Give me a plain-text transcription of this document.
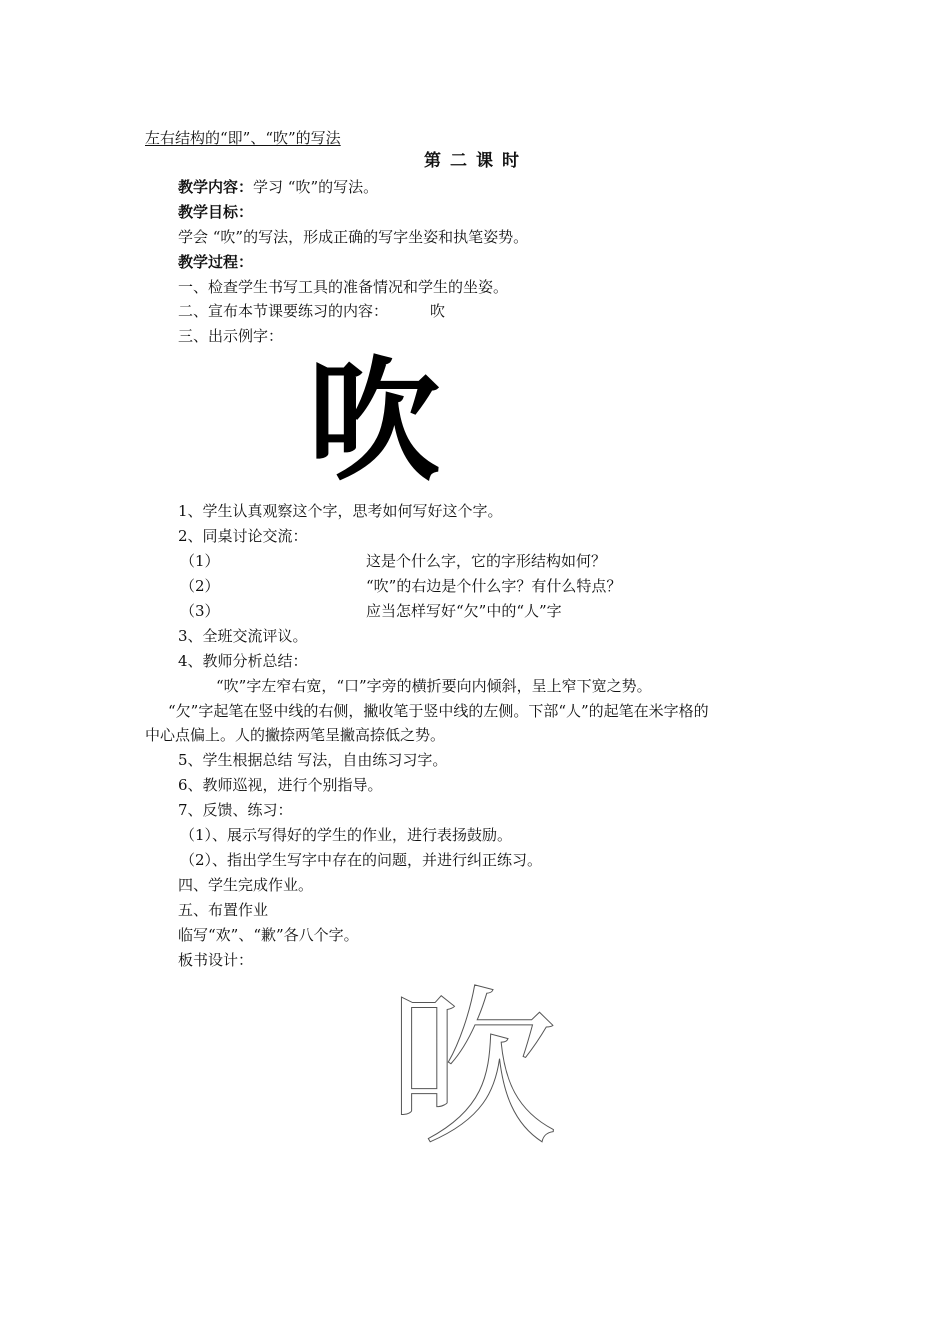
左右结构的“即”、“吹”的写法
第二课时
教学内容：学习 “吹”的写法。
教学目标：
学会 “吹”的写法，形成正确的写字坐姿和执笔姿势。
教学过程：
一、检查学生书写工具的准备情况和学生的坐姿。
二、宣布本节课要练习的内容：	吹
三、出示例字：
吹
1、学生认真观察这个字，思考如何写好这个字。
2、同桌讨论交流：
（1）	这是个什么字，它的字形结构如何？
（2）	“吹”的右边是个什么字？有什么特点？
（3）	应当怎样写好“欠”中的“人”字
3、全班交流评议。
4、教师分析总结：
“吹”字左窄右宽，“口”字旁的横折要向内倾斜，呈上窄下宽之势。
“欠”字起笔在竖中线的右侧，撇收笔于竖中线的左侧。下部“人”的起笔在米字格的
中心点偏上。人的撇捺两笔呈撇高捺低之势。
5、学生根据总结 写法，自由练习习字。
6、教师巡视，进行个别指导。
7、反馈、练习：
（1）、展示写得好的学生的作业，进行表扬鼓励。
（2）、指出学生写字中存在的问题，并进行纠正练习。
四、学生完成作业。
五、布置作业
临写“欢”、“歉”各八个字。
板书设计：
吹
